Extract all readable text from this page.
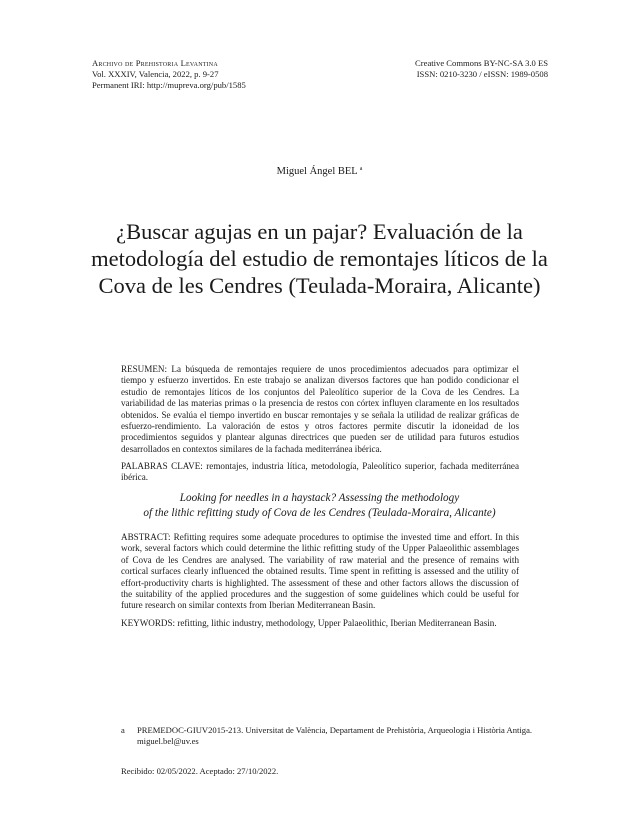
Archivo de Prehistoria Levantina
Vol. XXXIV, Valencia, 2022, p. 9-27
Permanent IRI: http://mupreva.org/pub/1585
Creative Commons BY-NC-SA 3.0 ES
ISSN: 0210-3230 / eISSN: 1989-0508
Miguel Ángel BEL $^a$
¿Buscar agujas en un pajar? Evaluación de la
metodología del estudio de remontajes líticos de la
Cova de les Cendres (Teulada-Moraira, Alicante)
RESUMEN: La búsqueda de remontajes requiere de unos procedimientos adecuados para optimizar el tiempo y esfuerzo invertidos. En este trabajo se analizan diversos factores que han podido condicionar el estudio de remontajes líticos de los conjuntos del Paleolítico superior de la Cova de les Cendres. La variabilidad de las materias primas o la presencia de restos con córtex influyen claramente en los resultados obtenidos. Se evalúa el tiempo invertido en buscar remontajes y se señala la utilidad de realizar gráficas de esfuerzo-rendimiento. La valoración de estos y otros factores permite discutir la idoneidad de los procedimientos seguidos y plantear algunas directrices que pueden ser de utilidad para futuros estudios desarrollados en contextos similares de la fachada mediterránea ibérica.
PALABRAS CLAVE: remontajes, industria lítica, metodología, Paleolítico superior, fachada mediterránea ibérica.
Looking for needles in a haystack? Assessing the methodology
of the lithic refitting study of Cova de les Cendres (Teulada-Moraira, Alicante)
ABSTRACT: Refitting requires some adequate procedures to optimise the invested time and effort. In this work, several factors which could determine the lithic refitting study of the Upper Palaeolithic assemblages of Cova de les Cendres are analysed. The variability of raw material and the presence of remains with cortical surfaces clearly influenced the obtained results. Time spent in refitting is assessed and the utility of effort-productivity charts is highlighted. The assessment of these and other factors allows the discussion of the suitability of the applied procedures and the suggestion of some guidelines which could be useful for future research on similar contexts from Iberian Mediterranean Basin.
KEYWORDS: refitting, lithic industry, methodology, Upper Palaeolithic, Iberian Mediterranean Basin.
a PREMEDOC-GIUV2015-213. Universitat de València, Departament de Prehistòria, Arqueologia i Història Antiga.
miguel.bel@uv.es
Recibido: 02/05/2022. Aceptado: 27/10/2022.
